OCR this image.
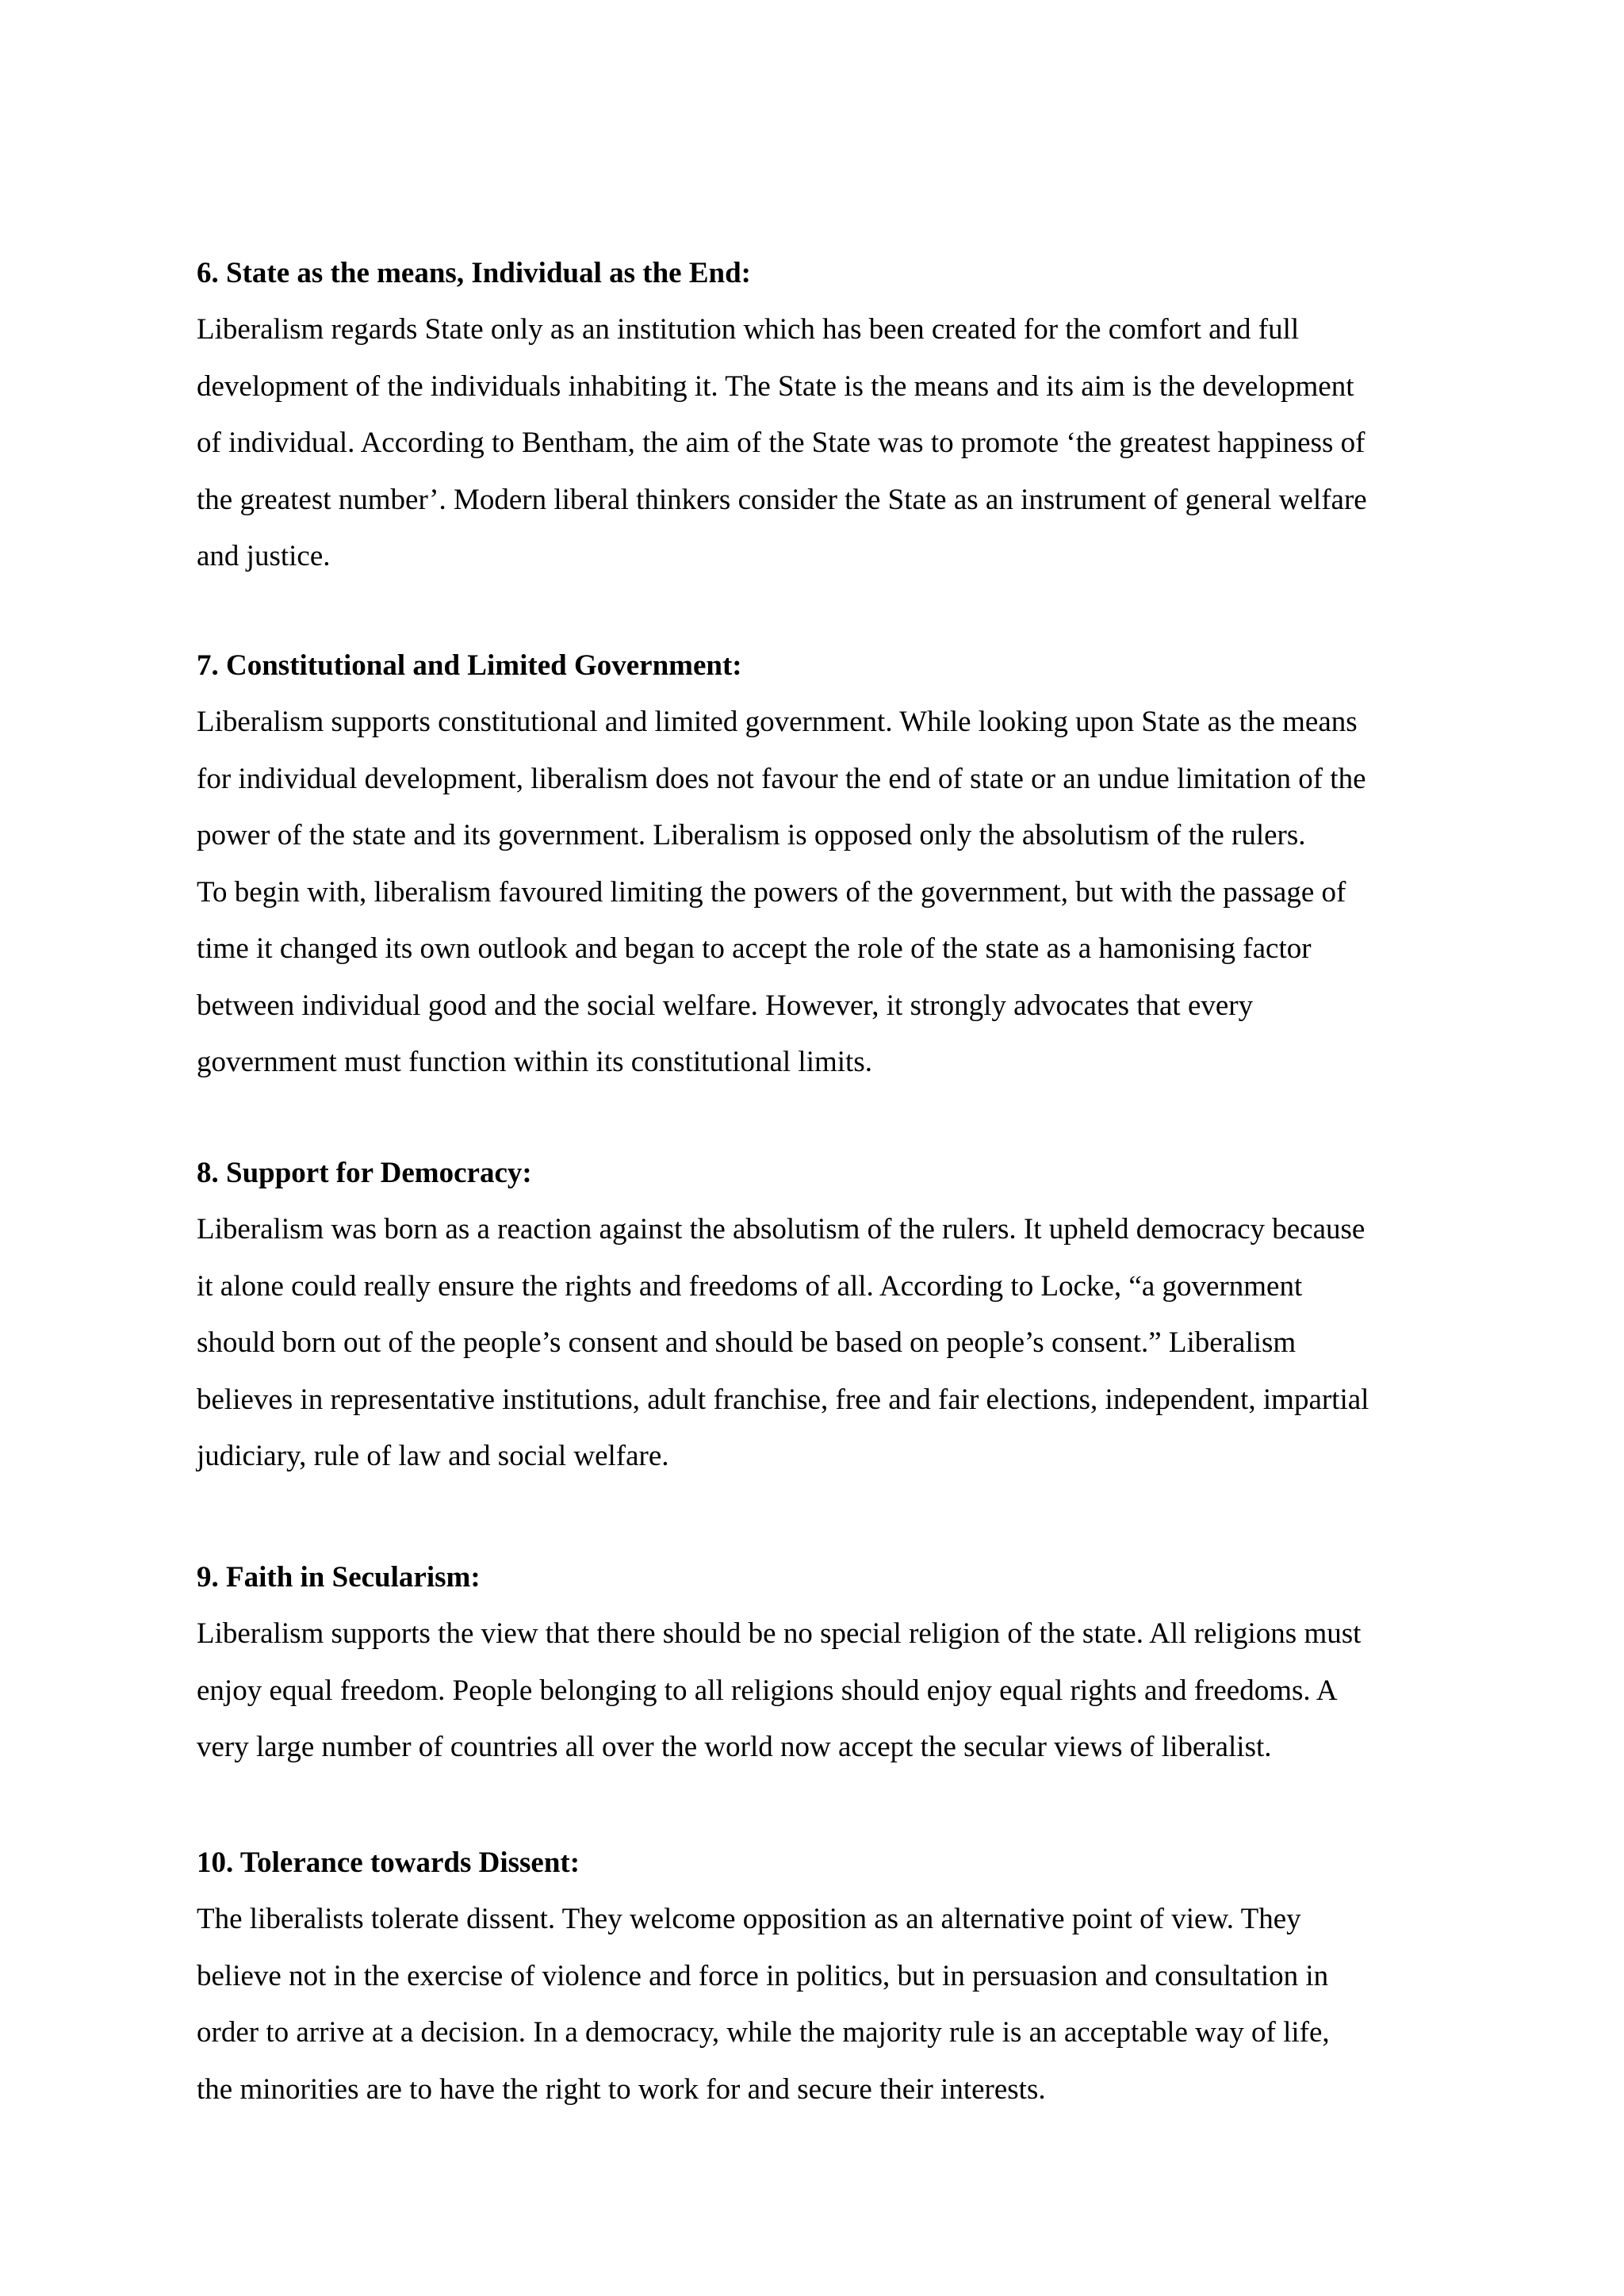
6. State as the means, Individual as the End:
Liberalism regards State only as an institution which has been created for the comfort and full
development of the individuals inhabiting it. The State is the means and its aim is the development
of individual. According to Bentham, the aim of the State was to promote ‘the greatest happiness of
the greatest number’. Modern liberal thinkers consider the State as an instrument of general welfare
and justice.
7. Constitutional and Limited Government:
Liberalism supports constitutional and limited government. While looking upon State as the means
for individual development, liberalism does not favour the end of state or an undue limitation of the
power of the state and its government. Liberalism is opposed only the absolutism of the rulers.
To begin with, liberalism favoured limiting the powers of the government, but with the passage of
time it changed its own outlook and began to accept the role of the state as a hamonising factor
between individual good and the social welfare. However, it strongly advocates that every
government must function within its constitutional limits.
8. Support for Democracy:
Liberalism was born as a reaction against the absolutism of the rulers. It upheld democracy because
it alone could really ensure the rights and freedoms of all. According to Locke, “a government
should born out of the people’s consent and should be based on people’s consent.” Liberalism
believes in representative institutions, adult franchise, free and fair elections, independent, impartial
judiciary, rule of law and social welfare.
9. Faith in Secularism:
Liberalism supports the view that there should be no special religion of the state. All religions must
enjoy equal freedom. People belonging to all religions should enjoy equal rights and freedoms. A
very large number of countries all over the world now accept the secular views of liberalist.
10. Tolerance towards Dissent:
The liberalists tolerate dissent. They welcome opposition as an alternative point of view. They
believe not in the exercise of violence and force in politics, but in persuasion and consultation in
order to arrive at a decision. In a democracy, while the majority rule is an acceptable way of life,
the minorities are to have the right to work for and secure their interests.
